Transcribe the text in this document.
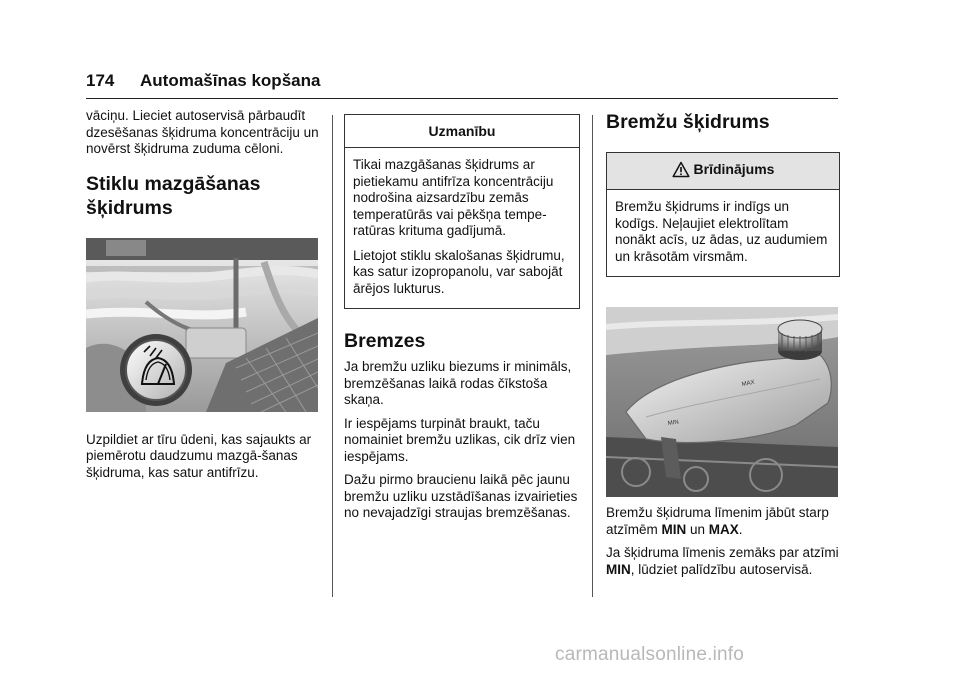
174 Automašīnas kopšana

vāciņu. Lieciet autoservisā pārbaudīt dzesēšanas šķidruma koncentrāciju un novērst šķidruma zuduma cēloni.

Stiklu mazgāšanas
šķidrums

Uzpildiet ar tīru ūdeni, kas sajaukts ar piemērotu daudzumu mazgā-šanas šķidruma, kas satur antifrīzu.

Uzmanību

Tikai mazgāšanas šķidrums ar pietiekamu antifrīza koncentrāciju nodrošina aizsardzību zemās temperatūrās vai pēkšņa tempe-ratūras krituma gadījumā.

Lietojot stiklu skalošanas šķidrumu, kas satur izopropanolu, var sabojāt ārējos lukturus.

Bremzes

Ja bremžu uzliku biezums ir minimāls, bremzēšanas laikā rodas čīkstoša skaņa.

Ir iespējams turpināt braukt, taču nomainiet bremžu uzlikas, cik drīz vien iespējams.

Dažu pirmo braucienu laikā pēc jaunu bremžu uzliku uzstādīšanas izvairieties no nevajadzīgi straujas bremzēšanas.

Bremžu šķidrums
Brīdinājums

Bremžu šķidrums ir indīgs un kodīgs. Neļaujiet elektrolītam nonākt acīs, uz ādas, uz audumiem un krāsotām virsmām.

MAX
MIN

Bremžu šķidruma līmenim jābūt starp atzīmēm MIN un MAX.

Ja šķidruma līmenis zemāks par atzīmi MIN, lūdziet palīdzību autoservisā.

carmanualsonline.info
